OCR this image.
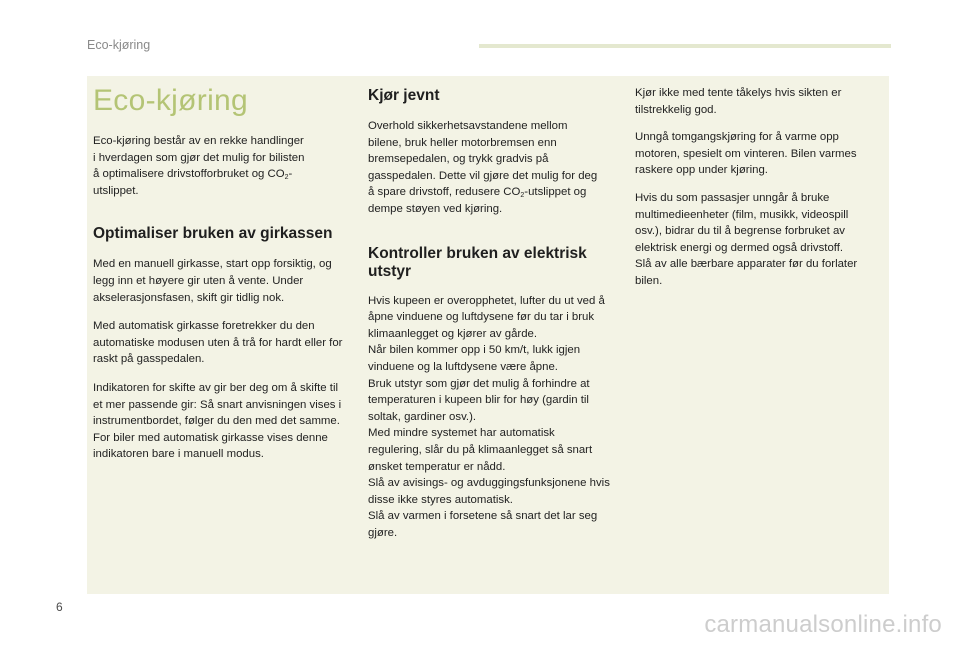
Eco-kjøring
Eco-kjøring

Eco-kjøring består av en rekke handlinger
i hverdagen som gjør det mulig for bilisten
å optimalisere drivstofforbruket og $CO_2-$
utslippet.

Optimaliser bruken av girkassen

Med en manuell girkasse, start opp forsiktig, og legg inn et høyere gir uten å vente. Under akselerasjonsfasen, skift gir tidlig nok.

Med automatisk girkasse foretrekker du den automatiske modusen uten å trå for hardt eller for raskt på gasspedalen.

Indikatoren for skifte av gir ber deg om å skifte til et mer passende gir: Så snart anvisningen vises i instrumentbordet, følger du den med det samme.
For biler med automatisk girkasse vises denne indikatoren bare i manuell modus.

Kjør jevnt

Overhold sikkerhetsavstandene mellom
bilene, bruk heller motorbremsen enn
bremsepedalen, og trykk gradvis på
gasspedalen. Dette vil gjøre det mulig for deg
å spare drivstoff, redusere $CO_2$-utslippet og
dempe støyen ved kjøring.

Kontroller bruken av elektrisk utstyr

Hvis kupeen er overopphetet, lufter du ut ved å åpne vinduene og luftdysene før du tar i bruk klimaanlegget og kjører av gårde.
Når bilen kommer opp i 50 km/t, lukk igjen vinduene og la luftdysene være åpne.
Bruk utstyr som gjør det mulig å forhindre at temperaturen i kupeen blir for høy (gardin til soltak, gardiner osv.).
Med mindre systemet har automatisk regulering, slår du på klimaanlegget så snart ønsket temperatur er nådd.
Slå av avisings- og avduggingsfunksjonene hvis disse ikke styres automatisk.
Slå av varmen i forsetene så snart det lar seg gjøre.

Kjør ikke med tente tåkelys hvis sikten er tilstrekkelig god.

Unngå tomgangskjøring for å varme opp motoren, spesielt om vinteren. Bilen varmes raskere opp under kjøring.

Hvis du som passasjer unngår å bruke multimedieenheter (film, musikk, videospill osv.), bidrar du til å begrense forbruket av elektrisk energi og dermed også drivstoff.
Slå av alle bærbare apparater før du forlater bilen.

6
carmanualsonline.info
